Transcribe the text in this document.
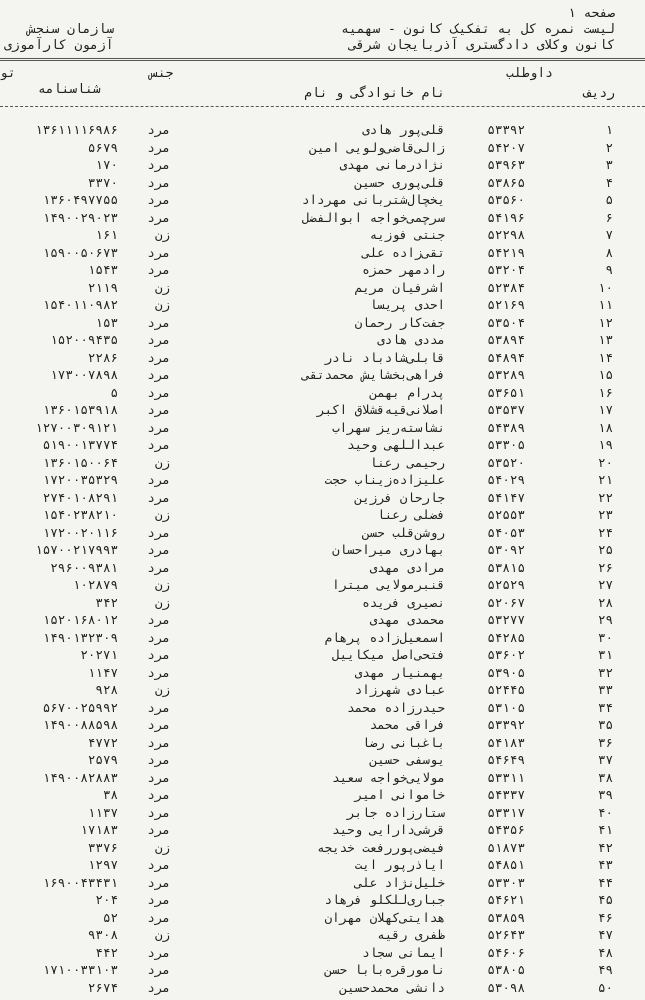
صفحه ۱
لیست نمره کل به تفکیک کانون - سهمیه
سازمان سنجش
کانون وکلای دادگستری آذربایجان شرقی
آزمون کارآموزی
داوطلب
جنس
تو
ردیف
نام خانوادگی و نام
شناسنامه
۱
۵۳۳۹۲
قلی‌پور هادی
مرد
۱۳۶۱۱۱۱۶۹۸۶
۲
۵۴۲۰۷
زالی‌قاضی‌ولویی امین
مرد
۵۶۷۹
۳
۵۳۹۶۳
نژادرمانی مهدی
مرد
۱۷۰
۴
۵۳۸۶۵
قلی‌پوری حسین
مرد
۳۳۷۰
۵
۵۳۵۶۰
یخچال‌شتربانی مهرداد
مرد
۱۳۶۰۴۹۷۷۵۵
۶
۵۴۱۹۶
سرچمی‌خواجه ابوالفضل
مرد
۱۴۹۰۰۲۹۰۲۳
۷
۵۲۲۹۸
جنتی فوزیه
زن
۱۶۱
۸
۵۴۲۱۹
تقی‌زاده علی
مرد
۱۵۹۰۰۵۰۶۷۳
۹
۵۳۲۰۴
رادمهر حمزه
مرد
۱۵۴۳
۱۰
۵۲۳۸۴
اشرفیان مریم
زن
۲۱۱۹
۱۱
۵۲۱۶۹
احدی پریسا
زن
۱۵۴۰۱۱۰۹۸۲
۱۲
۵۳۵۰۴
جفت‌کار رحمان
مرد
۱۵۳
۱۳
۵۳۸۹۴
مددی هادی
مرد
۱۵۲۰۰۹۴۳۵
۱۴
۵۴۸۹۴
قابلی‌شادباد نادر
مرد
۲۲۸۶
۱۵
۵۳۲۸۹
فراهی‌بخشایش محمدتقی
مرد
۱۷۳۰۰۷۸۹۸
۱۶
۵۳۶۵۱
پدرام بهمن
مرد
۵
۱۷
۵۳۵۳۷
اصلانی‌قیه‌قشلاق اکبر
مرد
۱۳۶۰۱۵۳۹۱۸
۱۸
۵۴۳۸۹
نشاسته‌ریز سهراب
مرد
۱۲۷۰۰۳۰۹۱۲۱
۱۹
۵۳۳۰۵
عبداللهی وحید
مرد
۵۱۹۰۰۱۳۷۷۴
۲۰
۵۳۵۲۰
رحیمی رعنا
زن
۱۳۶۰۱۵۰۰۶۴
۲۱
۵۴۰۲۹
علیزاده‌زیناب حجت
مرد
۱۷۲۰۰۳۵۳۲۹
۲۲
۵۴۱۴۷
جارحان فرزین
مرد
۲۷۴۰۱۰۸۲۹۱
۲۳
۵۲۵۵۳
فضلی رعنا
زن
۱۵۴۰۲۳۸۲۱۰
۲۴
۵۴۰۵۳
روشن‌قلب حسن
مرد
۱۷۲۰۰۲۰۱۱۶
۲۵
۵۳۰۹۲
بهادری میراحسان
مرد
۱۵۷۰۰۲۱۷۹۹۳
۲۶
۵۳۸۱۵
مرادی مهدی
مرد
۲۹۶۰۰۹۳۸۱
۲۷
۵۲۵۲۹
قنبرمولایی میترا
زن
۱۰۲۸۷۹
۲۸
۵۲۰۶۷
نصیری فریده
زن
۳۴۲
۲۹
۵۳۲۷۷
محمدی مهدی
مرد
۱۵۲۰۱۶۸۰۱۲
۳۰
۵۴۲۸۵
اسمعیل‌زاده پرهام
مرد
۱۴۹۰۱۳۲۳۰۹
۳۱
۵۳۶۰۲
فتحی‌اصل میکاییل
مرد
۲۰۲۷۱
۳۲
۵۳۹۰۵
بهمنیار مهدی
مرد
۱۱۴۷
۳۳
۵۲۴۴۵
عبادی شهرزاد
زن
۹۲۸
۳۴
۵۳۱۰۵
حیدرزاده محمد
مرد
۵۶۷۰۰۲۵۹۹۲
۳۵
۵۳۳۹۲
فراقی محمد
مرد
۱۴۹۰۰۸۸۵۹۸
۳۶
۵۴۱۸۳
باغبانی رضا
مرد
۴۷۷۲
۳۷
۵۴۶۴۹
یوسفی حسین
مرد
۲۵۷۹
۳۸
۵۳۳۱۱
مولایی‌خواجه سعید
مرد
۱۴۹۰۰۸۲۸۸۳
۳۹
۵۴۳۳۷
خاموانی امیر
مرد
۳۸
۴۰
۵۳۳۱۷
ستارزاده جابر
مرد
۱۱۳۷
۴۱
۵۴۳۵۶
قرشی‌دارایی وحید
مرد
۱۷۱۸۳
۴۲
۵۱۸۷۳
فیضی‌پوررفعت خدیجه
زن
۳۳۷۶
۴۳
۵۴۸۵۱
ایاذرپور ایت
مرد
۱۲۹۷
۴۴
۵۳۳۰۳
خلیل‌نژاد علی
مرد
۱۶۹۰۰۴۳۴۳۱
۴۵
۵۴۶۲۱
جباری‌للکلو فرهاد
مرد
۲۰۴
۴۶
۵۳۸۵۹
هدایتی‌کهلان مهران
مرد
۵۲
۴۷
۵۲۶۴۳
ظفری رقیه
زن
۹۳۰۸
۴۸
۵۴۶۰۶
ایمانی سجاد
مرد
۴۴۲
۴۹
۵۳۸۰۵
نامورقره‌بابا حسن
مرد
۱۷۱۰۰۳۳۱۰۳
۵۰
۵۳۰۹۸
دانشی محمدحسین
مرد
۲۶۷۴
